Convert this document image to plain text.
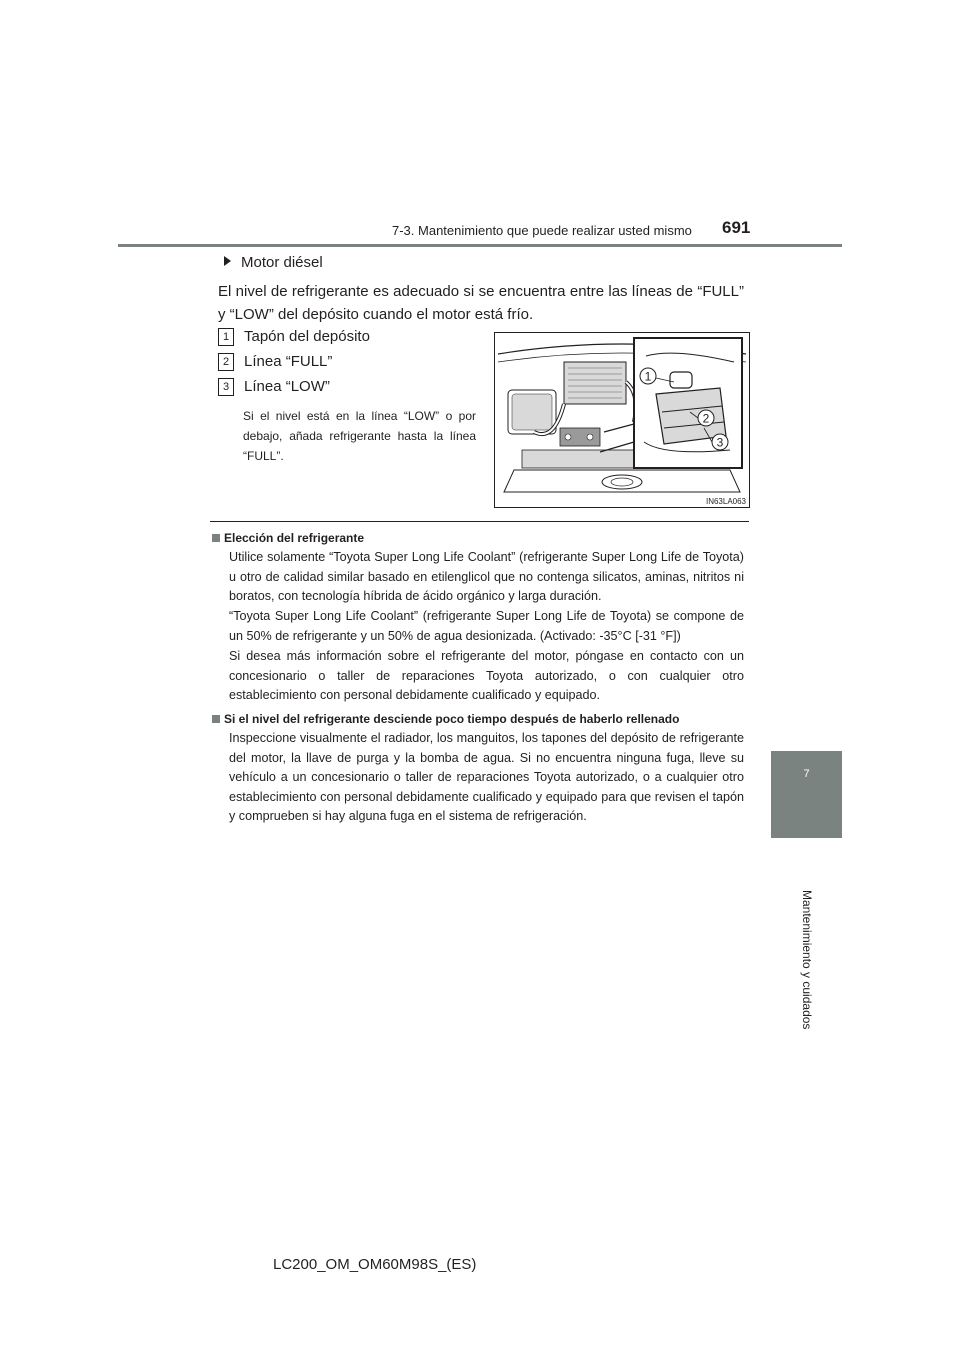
7-3. Mantenimiento que puede realizar usted mismo 691
7
Mantenimiento y cuidados
Motor diésel
El nivel de refrigerante es adecuado si se encuentra entre las líneas de “FULL” y “LOW” del depósito cuando el motor está frío.
1 Tapón del depósito
2 Línea “FULL”
3 Línea “LOW”
Si el nivel está en la línea “LOW” o por debajo, añada refrigerante hasta la línea “FULL”.
1
2
3
IN63LA063
Elección del refrigerante
Utilice solamente “Toyota Super Long Life Coolant” (refrigerante Super Long Life de Toyota) u otro de calidad similar basado en etilenglicol que no contenga silicatos, aminas, nitritos ni boratos, con tecnología híbrida de ácido orgánico y larga duración.
“Toyota Super Long Life Coolant” (refrigerante Super Long Life de Toyota) se compone de un 50% de refrigerante y un 50% de agua desionizada. (Activado: -35°C [-31 °F])
Si desea más información sobre el refrigerante del motor, póngase en contacto con un concesionario o taller de reparaciones Toyota autorizado, o con cualquier otro establecimiento con personal debidamente cualificado y equipado.
Si el nivel del refrigerante desciende poco tiempo después de haberlo rellenado
Inspeccione visualmente el radiador, los manguitos, los tapones del depósito de refrigerante del motor, la llave de purga y la bomba de agua. Si no encuentra ninguna fuga, lleve su vehículo a un concesionario o taller de reparaciones Toyota autorizado, o a cualquier otro establecimiento con personal debidamente cualificado y equipado para que revisen el tapón y comprueben si hay alguna fuga en el sistema de refrigeración.
LC200_OM_OM60M98S_(ES)
